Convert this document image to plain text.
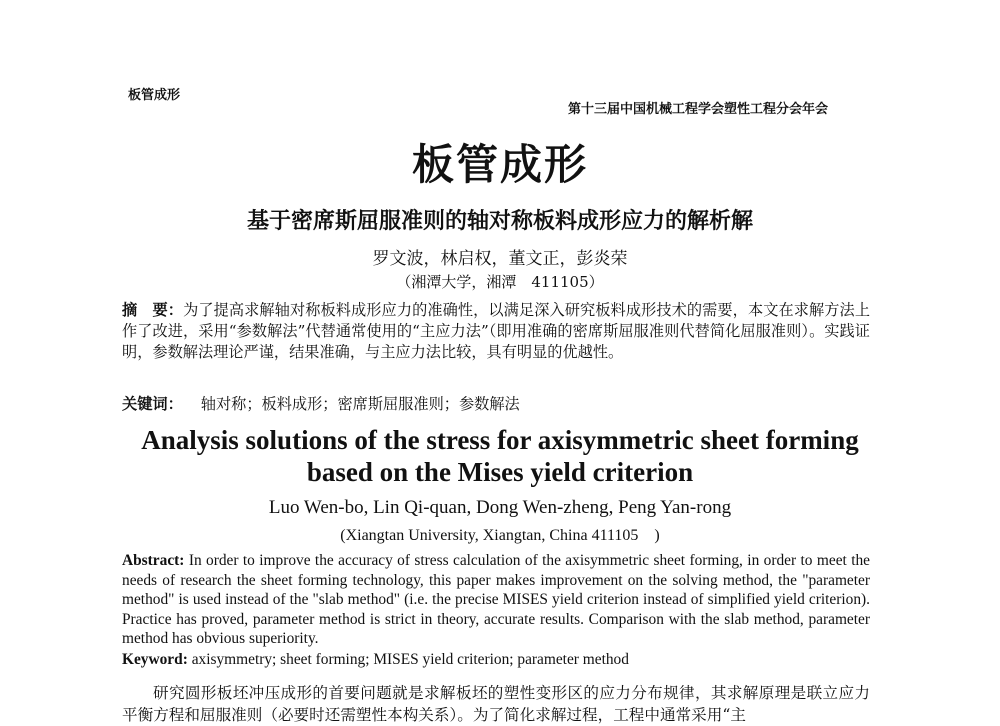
板管成形
第十三届中国机械工程学会塑性工程分会年会
板管成形
基于密席斯屈服准则的轴对称板料成形应力的解析解
罗文波，林启权，董文正，彭炎荣
（湘潭大学，湘潭　411105）
摘　要：为了提高求解轴对称板料成形应力的准确性，以满足深入研究板料成形技术的需要，本文在求解方法上作了改进，采用“参数解法”代替通常使用的“主应力法”（即用准确的密席斯屈服准则代替简化屈服准则）。实践证明，参数解法理论严谨，结果准确，与主应力法比较，具有明显的优越性。
关键词： 轴对称；板料成形；密席斯屈服准则；参数解法
Analysis solutions of the stress for axisymmetric sheet forming
based on the Mises yield criterion
Luo Wen-bo, Lin Qi-quan, Dong Wen-zheng, Peng Yan-rong
(Xiangtan University, Xiangtan, China 411105　)
Abstract: In order to improve the accuracy of stress calculation of the axisymmetric sheet forming, in order to meet the needs of research the sheet forming technology, this paper makes improvement on the solving method, the "parameter method" is used instead of the "slab method" (i.e. the precise MISES yield criterion instead of simplified yield criterion). Practice has proved, parameter method is strict in theory, accurate results. Comparison with the slab method, parameter method has obvious superiority.
Keyword: axisymmetry; sheet forming; MISES yield criterion; parameter method
研究圆形板坯冲压成形的首要问题就是求解板坯的塑性变形区的应力分布规律，其求解原理是联立应力平衡方程和屈服准则（必要时还需塑性本构关系）。为了简化求解过程，工程中通常采用“主
